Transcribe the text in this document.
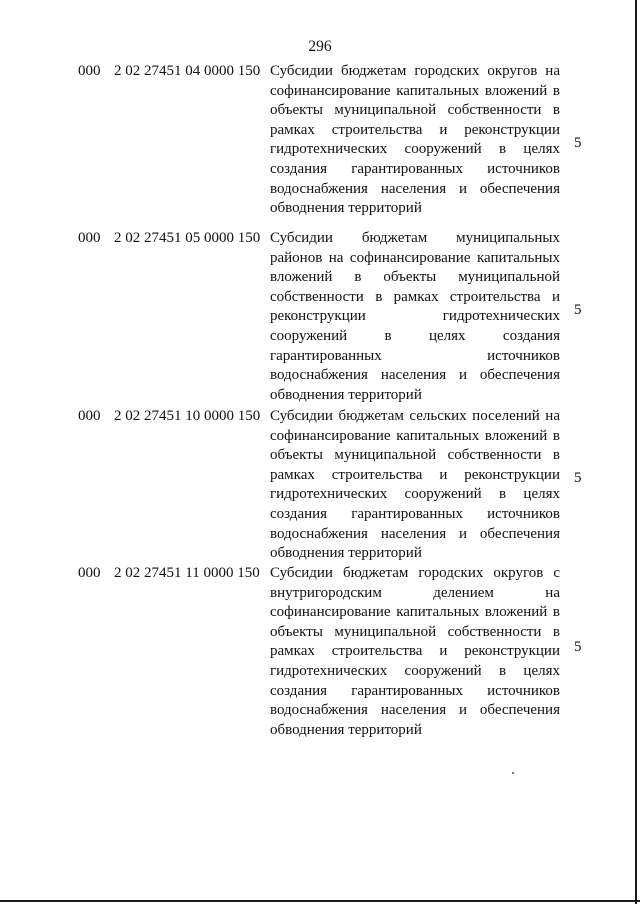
296
000 2 02 27451 04 0000 150 Субсидии бюджетам городских округов на
софинансирование капитальных вложений в
объекты муниципальной собственности в
рамках строительства и реконструкции
гидротехнических сооружений в целях
создания гарантированных источников
водоснабжения населения и обеспечения
обводнения территорий
5
000 2 02 27451 05 0000 150 Субсидии бюджетам муниципальных
районов на софинансирование капитальных
вложений в объекты муниципальной
собственности в рамках строительства и
реконструкции гидротехнических
сооружений в целях создания
гарантированных источников
водоснабжения населения и обеспечения
обводнения территорий
5
000 2 02 27451 10 0000 150 Субсидии бюджетам сельских поселений на
софинансирование капитальных вложений в
объекты муниципальной собственности в
рамках строительства и реконструкции
гидротехнических сооружений в целях
создания гарантированных источников
водоснабжения населения и обеспечения
обводнения территорий
5
000 2 02 27451 11 0000 150 Субсидии бюджетам городских округов с
внутригородским делением на
софинансирование капитальных вложений в
объекты муниципальной собственности в
рамках строительства и реконструкции
гидротехнических сооружений в целях
создания гарантированных источников
водоснабжения населения и обеспечения
обводнения территорий
5
